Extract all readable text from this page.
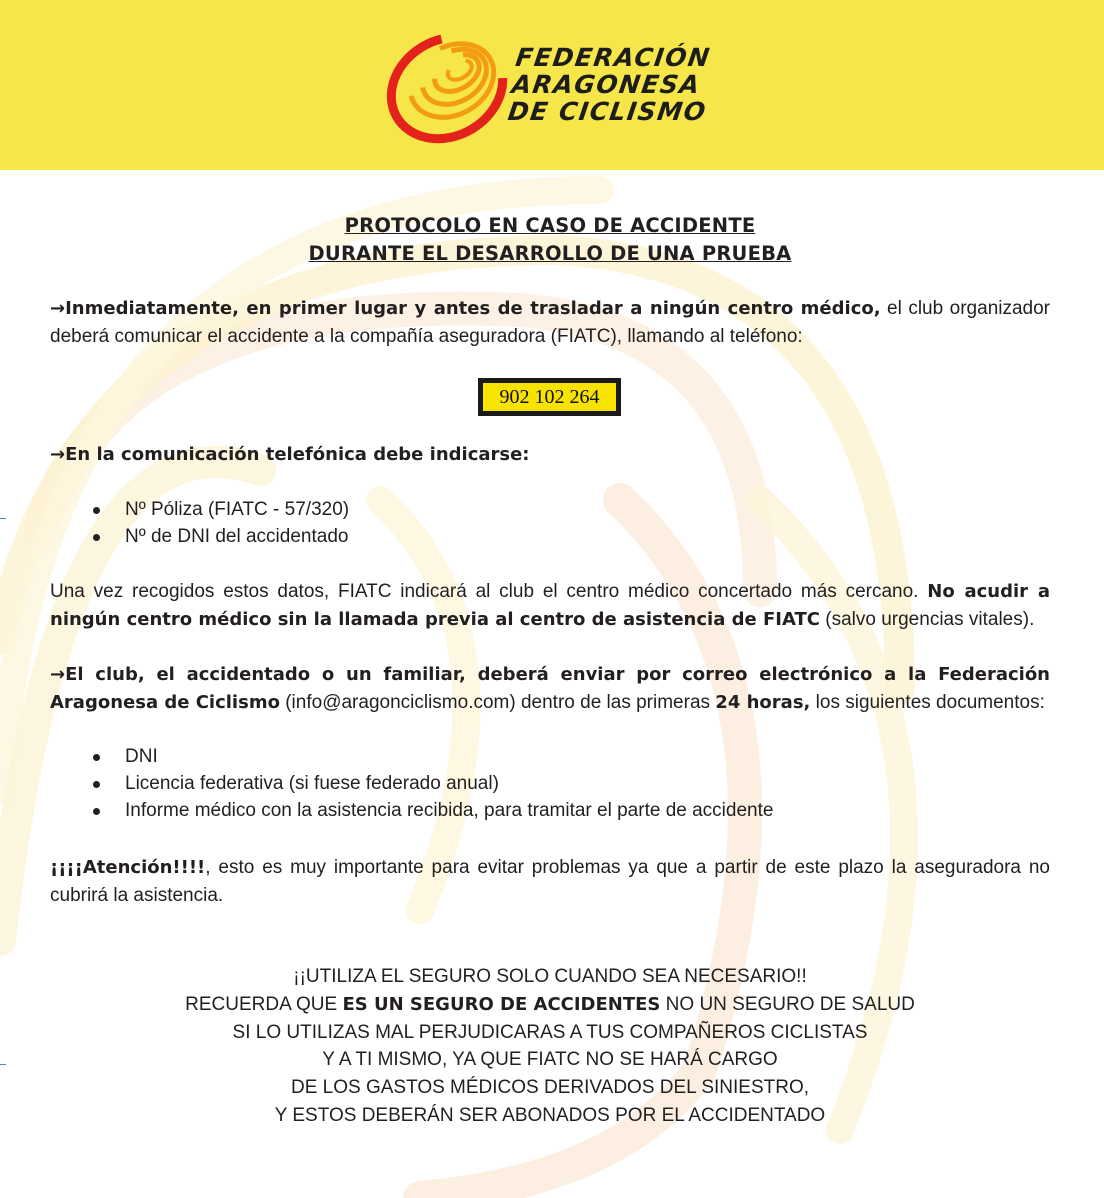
FEDERACIÓN
ARAGONESA
DE CICLISMO
PROTOCOLO EN CASO DE ACCIDENTE
DURANTE EL DESARROLLO DE UNA PRUEBA
→Inmediatamente, en primer lugar y antes de trasladar a ningún centro médico, el club organizador deberá comunicar el accidente a la compañía aseguradora (FIATC), llamando al teléfono:
902 102 264
→En la comunicación telefónica debe indicarse:
Nº Póliza (FIATC - 57/320)
Nº de DNI del accidentado
Una vez recogidos estos datos, FIATC indicará al club el centro médico concertado más cercano. No acudir a ningún centro médico sin la llamada previa al centro de asistencia de FIATC (salvo urgencias vitales).
→El club, el accidentado o un familiar, deberá enviar por correo electrónico a la Federación Aragonesa de Ciclismo (info@aragonciclismo.com) dentro de las primeras 24 horas, los siguientes documentos:
DNI
Licencia federativa (si fuese federado anual)
Informe médico con la asistencia recibida, para tramitar el parte de accidente
¡¡¡¡Atención!!!!, esto es muy importante para evitar problemas ya que a partir de este plazo la aseguradora no cubrirá la asistencia.
¡¡UTILIZA EL SEGURO SOLO CUANDO SEA NECESARIO!!
RECUERDA QUE ES UN SEGURO DE ACCIDENTES NO UN SEGURO DE SALUD
SI LO UTILIZAS MAL PERJUDICARAS A TUS COMPAÑEROS CICLISTAS
Y A TI MISMO, YA QUE FIATC NO SE HARÁ CARGO
DE LOS GASTOS MÉDICOS DERIVADOS DEL SINIESTRO,
Y ESTOS DEBERÁN SER ABONADOS POR EL ACCIDENTADO
